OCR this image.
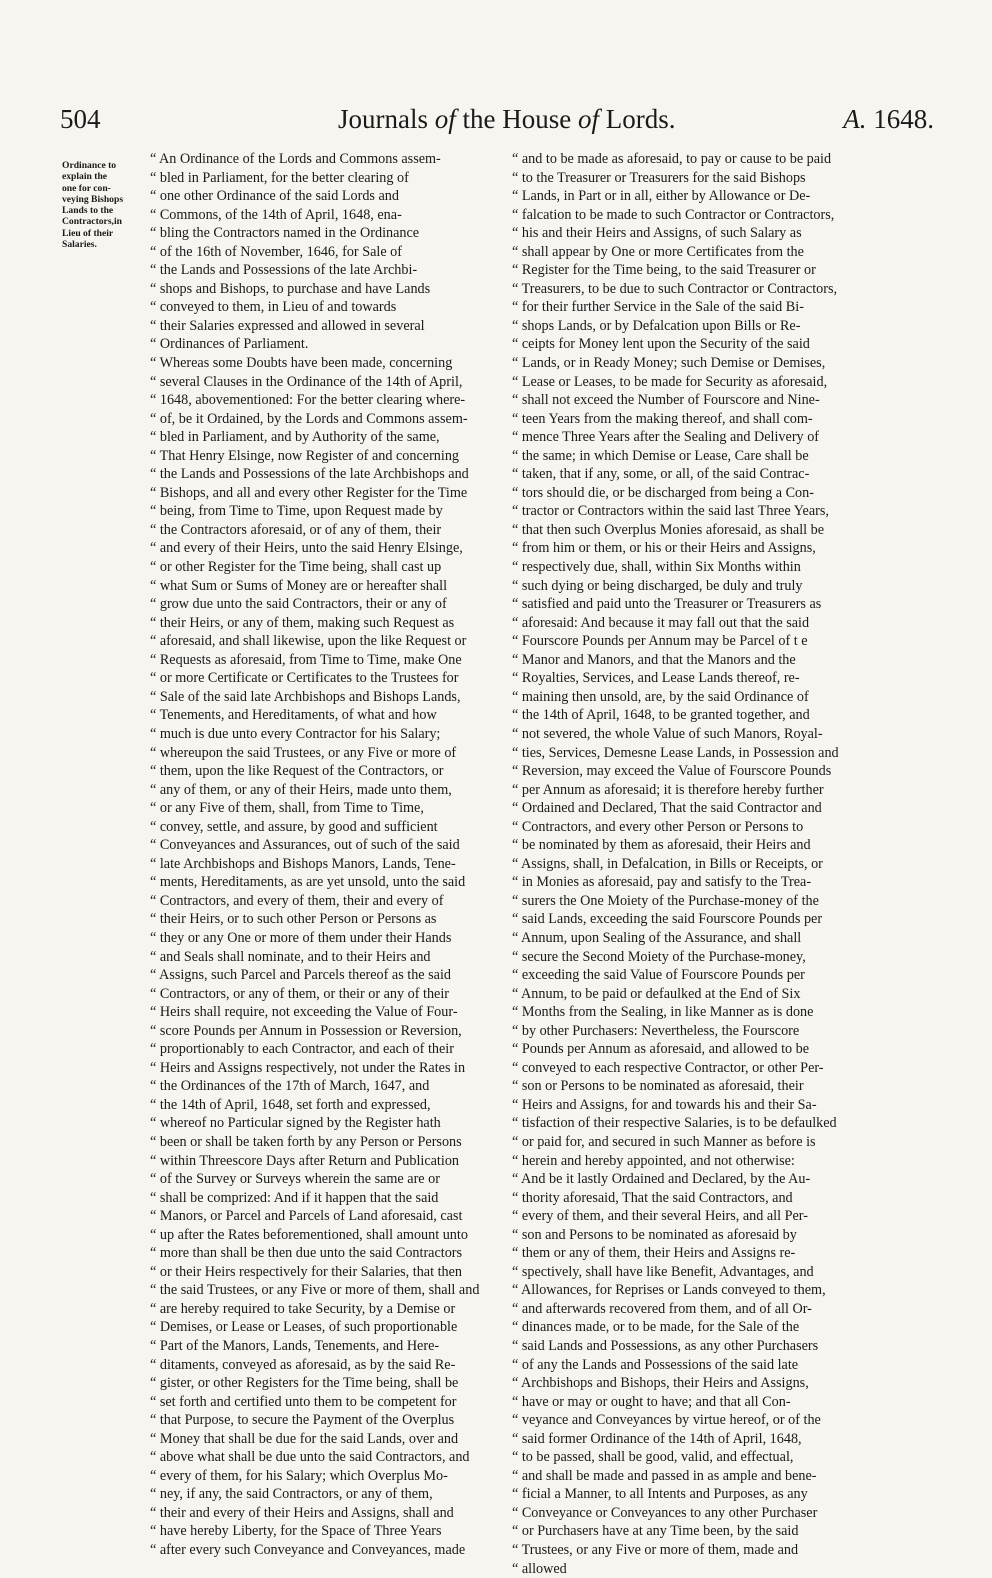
504	Journals of the House of Lords.	A. 1648.
Ordinance to
explain the
one for con-
veying Bishops
Lands to the
Contractors,in
Lieu of their
Salaries.
“ An Ordinance of the Lords and Commons assem-
“ bled in Parliament, for the better clearing of
“ one other Ordinance of the said Lords and
“ Commons, of the 14th of April, 1648, ena-
“ bling the Contractors named in the Ordinance
“ of the 16th of November, 1646, for Sale of
“ the Lands and Possessions of the late Archbi-
“ shops and Bishops, to purchase and have Lands
“ conveyed to them, in Lieu of and towards
“ their Salaries expressed and allowed in several
“ Ordinances of Parliament.
“ Whereas some Doubts have been made, concerning
“ several Clauses in the Ordinance of the 14th of April,
“ 1648, abovementioned: For the better clearing where-
“ of, be it Ordained, by the Lords and Commons assem-
“ bled in Parliament, and by Authority of the same,
“ That Henry Elsinge, now Register of and concerning
“ the Lands and Possessions of the late Archbishops and
“ Bishops, and all and every other Register for the Time
“ being, from Time to Time, upon Request made by
“ the Contractors aforesaid, or of any of them, their
“ and every of their Heirs, unto the said Henry Elsinge,
“ or other Register for the Time being, shall cast up
“ what Sum or Sums of Money are or hereafter shall
“ grow due unto the said Contractors, their or any of
“ their Heirs, or any of them, making such Request as
“ aforesaid, and shall likewise, upon the like Request or
“ Requests as aforesaid, from Time to Time, make One
“ or more Certificate or Certificates to the Trustees for
“ Sale of the said late Archbishops and Bishops Lands,
“ Tenements, and Hereditaments, of what and how
“ much is due unto every Contractor for his Salary;
“ whereupon the said Trustees, or any Five or more of
“ them, upon the like Request of the Contractors, or
“ any of them, or any of their Heirs, made unto them,
“ or any Five of them, shall, from Time to Time,
“ convey, settle, and assure, by good and sufficient
“ Conveyances and Assurances, out of such of the said
“ late Archbishops and Bishops Manors, Lands, Tene-
“ ments, Hereditaments, as are yet unsold, unto the said
“ Contractors, and every of them, their and every of
“ their Heirs, or to such other Person or Persons as
“ they or any One or more of them under their Hands
“ and Seals shall nominate, and to their Heirs and
“ Assigns, such Parcel and Parcels thereof as the said
“ Contractors, or any of them, or their or any of their
“ Heirs shall require, not exceeding the Value of Four-
“ score Pounds per Annum in Possession or Reversion,
“ proportionably to each Contractor, and each of their
“ Heirs and Assigns respectively, not under the Rates in
“ the Ordinances of the 17th of March, 1647, and
“ the 14th of April, 1648, set forth and expressed,
“ whereof no Particular signed by the Register hath
“ been or shall be taken forth by any Person or Persons
“ within Threescore Days after Return and Publication
“ of the Survey or Surveys wherein the same are or
“ shall be comprized: And if it happen that the said
“ Manors, or Parcel and Parcels of Land aforesaid, cast
“ up after the Rates beforementioned, shall amount unto
“ more than shall be then due unto the said Contractors
“ or their Heirs respectively for their Salaries, that then
“ the said Trustees, or any Five or more of them, shall and
“ are hereby required to take Security, by a Demise or
“ Demises, or Lease or Leases, of such proportionable
“ Part of the Manors, Lands, Tenements, and Here-
“ ditaments, conveyed as aforesaid, as by the said Re-
“ gister, or other Registers for the Time being, shall be
“ set forth and certified unto them to be competent for
“ that Purpose, to secure the Payment of the Overplus
“ Money that shall be due for the said Lands, over and
“ above what shall be due unto the said Contractors, and
“ every of them, for his Salary; which Overplus Mo-
“ ney, if any, the said Contractors, or any of them,
“ their and every of their Heirs and Assigns, shall and
“ have hereby Liberty, for the Space of Three Years
“ after every such Conveyance and Conveyances, made
“ and to be made as aforesaid, to pay or cause to be paid
“ to the Treasurer or Treasurers for the said Bishops
“ Lands, in Part or in all, either by Allowance or De-
“ falcation to be made to such Contractor or Contractors,
“ his and their Heirs and Assigns, of such Salary as
“ shall appear by One or more Certificates from the
“ Register for the Time being, to the said Treasurer or
“ Treasurers, to be due to such Contractor or Contractors,
“ for their further Service in the Sale of the said Bi-
“ shops Lands, or by Defalcation upon Bills or Re-
“ ceipts for Money lent upon the Security of the said
“ Lands, or in Ready Money; such Demise or Demises,
“ Lease or Leases, to be made for Security as aforesaid,
“ shall not exceed the Number of Fourscore and Nine-
“ teen Years from the making thereof, and shall com-
“ mence Three Years after the Sealing and Delivery of
“ the same; in which Demise or Lease, Care shall be
“ taken, that if any, some, or all, of the said Contrac-
“ tors should die, or be discharged from being a Con-
“ tractor or Contractors within the said last Three Years,
“ that then such Overplus Monies aforesaid, as shall be
“ from him or them, or his or their Heirs and Assigns,
“ respectively due, shall, within Six Months within
“ such dying or being discharged, be duly and truly
“ satisfied and paid unto the Treasurer or Treasurers as
“ aforesaid: And because it may fall out that the said
“ Fourscore Pounds per Annum may be Parcel of t e
“ Manor and Manors, and that the Manors and the
“ Royalties, Services, and Lease Lands thereof, re-
“ maining then unsold, are, by the said Ordinance of
“ the 14th of April, 1648, to be granted together, and
“ not severed, the whole Value of such Manors, Royal-
“ ties, Services, Demesne Lease Lands, in Possession and
“ Reversion, may exceed the Value of Fourscore Pounds
“ per Annum as aforesaid; it is therefore hereby further
“ Ordained and Declared, That the said Contractor and
“ Contractors, and every other Person or Persons to
“ be nominated by them as aforesaid, their Heirs and
“ Assigns, shall, in Defalcation, in Bills or Receipts, or
“ in Monies as aforesaid, pay and satisfy to the Trea-
“ surers the One Moiety of the Purchase-money of the
“ said Lands, exceeding the said Fourscore Pounds per
“ Annum, upon Sealing of the Assurance, and shall
“ secure the Second Moiety of the Purchase-money,
“ exceeding the said Value of Fourscore Pounds per
“ Annum, to be paid or defaulked at the End of Six
“ Months from the Sealing, in like Manner as is done
“ by other Purchasers: Nevertheless, the Fourscore
“ Pounds per Annum as aforesaid, and allowed to be
“ conveyed to each respective Contractor, or other Per-
“ son or Persons to be nominated as aforesaid, their
“ Heirs and Assigns, for and towards his and their Sa-
“ tisfaction of their respective Salaries, is to be defaulked
“ or paid for, and secured in such Manner as before is
“ herein and hereby appointed, and not otherwise:
“ And be it lastly Ordained and Declared, by the Au-
“ thority aforesaid, That the said Contractors, and
“ every of them, and their several Heirs, and all Per-
“ son and Persons to be nominated as aforesaid by
“ them or any of them, their Heirs and Assigns re-
“ spectively, shall have like Benefit, Advantages, and
“ Allowances, for Reprises or Lands conveyed to them,
“ and afterwards recovered from them, and of all Or-
“ dinances made, or to be made, for the Sale of the
“ said Lands and Possessions, as any other Purchasers
“ of any the Lands and Possessions of the said late
“ Archbishops and Bishops, their Heirs and Assigns,
“ have or may or ought to have; and that all Con-
“ veyance and Conveyances by virtue hereof, or of the
“ said former Ordinance of the 14th of April, 1648,
“ to be passed, shall be good, valid, and effectual,
“ and shall be made and passed in as ample and bene-
“ ficial a Manner, to all Intents and Purposes, as any
“ Conveyance or Conveyances to any other Purchaser
“ or Purchasers have at any Time been, by the said
“ Trustees, or any Five or more of them, made and
“ allowed
